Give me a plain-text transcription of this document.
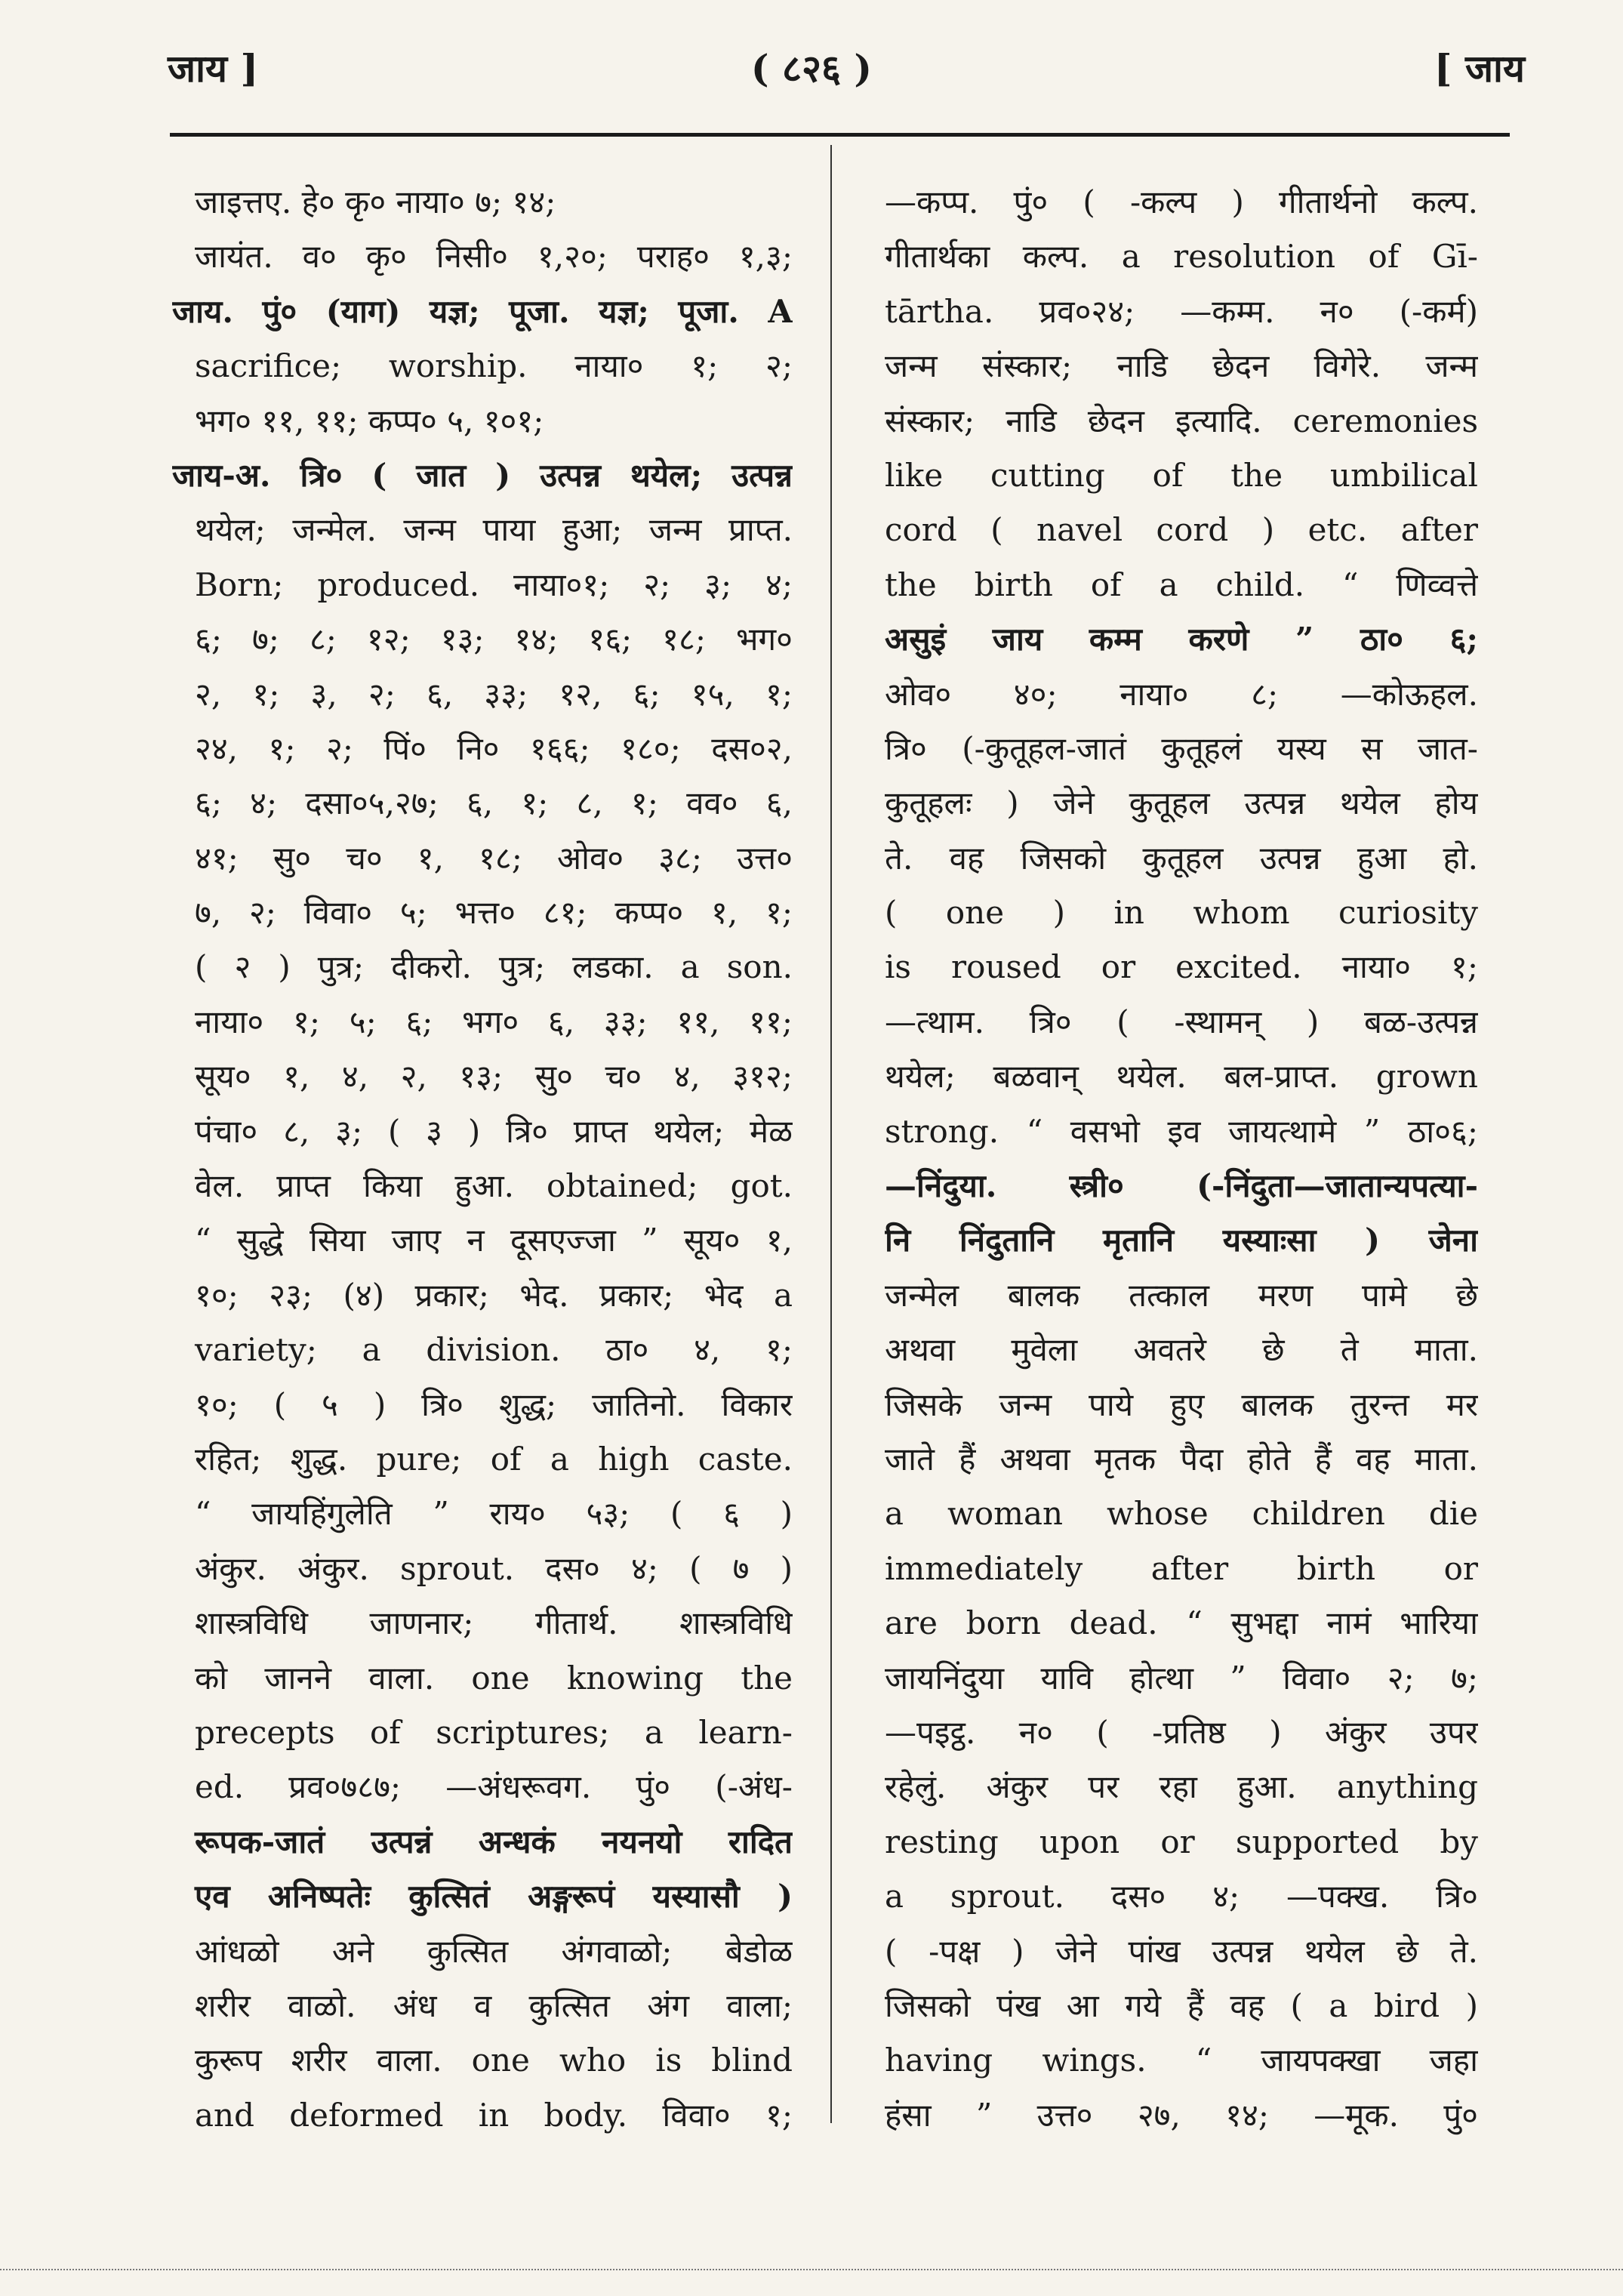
जाय ]	( ८२६ )	[ जाय
जाइत्तए. हे० कृ० नाया० ७; १४;
जायंत. व० कृ० निसी० १,२०; पराह० १,३;
जाय. पुं० (याग) यज्ञ; पूजा. यज्ञ; पूजा. A
sacrifice; worship. नाया० १; २;
भग० ११, ११; कप्प० ५, १०१;
जाय-अ. त्रि० ( जात ) उत्पन्न थयेल; उत्पन्न
थयेल; जन्मेल. जन्म पाया हुआ; जन्म प्राप्त.
Born; produced. नाया०१; २; ३; ४;
६; ७; ८; १२; १३; १४; १६; १८; भग०
२, १; ३, २; ६, ३३; १२, ६; १५, १;
२४, १; २; पिं० नि० १६६; १८०; दस०२,
६; ४; दसा०५,२७; ६, १; ८, १; वव० ६,
४१; सु० च० १, १८; ओव० ३८; उत्त०
७, २; विवा० ५; भत्त० ८१; कप्प० १, १;
( २ ) पुत्र; दीकरो. पुत्र; लडका. a son.
नाया० १; ५; ६; भग० ६, ३३; ११, ११;
सूय० १, ४, २, १३; सु० च० ४, ३१२;
पंचा० ८, ३; ( ३ ) त्रि० प्राप्त थयेल; मेळ
वेल. प्राप्त किया हुआ. obtained; got.
“ सुद्धे सिया जाए न दूसएज्जा ” सूय० १,
१०; २३; (४) प्रकार; भेद. प्रकार; भेद a
variety; a division. ठा० ४, १;
१०; ( ५ ) त्रि० शुद्ध; जातिनो. विकार
रहित; शुद्ध. pure; of a high caste.
“ जायहिंगुलेति ” राय० ५३; ( ६ )
अंकुर. अंकुर. sprout. दस० ४; ( ७ )
शास्त्रविधि जाणनार; गीतार्थ. शास्त्रविधि
को जानने वाला. one knowing the
precepts of scriptures; a learn-
ed. प्रव०७८७; —अंधरूवग. पुं० (-अंध-
रूपक-जातं उत्पन्नं अन्धकं नयनयो रादित
एव अनिष्पतेः कुत्सितं अङ्गरूपं यस्यासौ )
आंधळो अने कुत्सित अंगवाळो; बेडोळ
शरीर वाळो. अंध व कुत्सित अंग वाला;
कुरूप शरीर वाला. one who is blind
and deformed in body. विवा० १;
—कप्प. पुं० ( -कल्प ) गीतार्थनो कल्प.
गीतार्थका कल्प. a resolution of Gī-
tārtha. प्रव०२४; —कम्म. न० (-कर्म)
जन्म संस्कार; नाडि छेदन विगेरे. जन्म
संस्कार; नाडि छेदन इत्यादि. ceremonies
like cutting of the umbilical
cord ( navel cord ) etc. after
the birth of a child. “ णिव्वत्ते
असुइं जाय कम्म करणे ” ठा० ६;
ओव० ४०; नाया० ८; —कोऊहल.
त्रि० (-कुतूहल-जातं कुतूहलं यस्य स जात-
कुतूहलः ) जेने कुतूहल उत्पन्न थयेल होय
ते. वह जिसको कुतूहल उत्पन्न हुआ हो.
( one ) in whom curiosity
is roused or excited. नाया० १;
—त्थाम. त्रि० ( -स्थामन् ) बळ-उत्पन्न
थयेल; बळवान् थयेल. बल-प्राप्त. grown
strong. “ वसभो इव जायत्थामे ” ठा०६;
—निंदुया. स्त्री० (-निंदुता—जातान्यपत्या-
नि निंदुतानि मृतानि यस्याःसा ) जेना
जन्मेल बालक तत्काल मरण पामे छे
अथवा मुवेला अवतरे छे ते माता.
जिसके जन्म पाये हुए बालक तुरन्त मर
जाते हैं अथवा मृतक पैदा होते हैं वह माता.
a woman whose children die
immediately after birth or
are born dead. “ सुभद्दा नामं भारिया
जायनिंदुया यावि होत्था ” विवा० २; ७;
—पइट्ठ. न० ( -प्रतिष्ठ ) अंकुर उपर
रहेलुं. अंकुर पर रहा हुआ. anything
resting upon or supported by
a sprout. दस० ४; —पक्ख. त्रि०
( -पक्ष ) जेने पांख उत्पन्न थयेल छे ते.
जिसको पंख आ गये हैं वह ( a bird )
having wings. “ जायपक्खा जहा
हंसा ” उत्त० २७, १४; —मूक. पुं०
